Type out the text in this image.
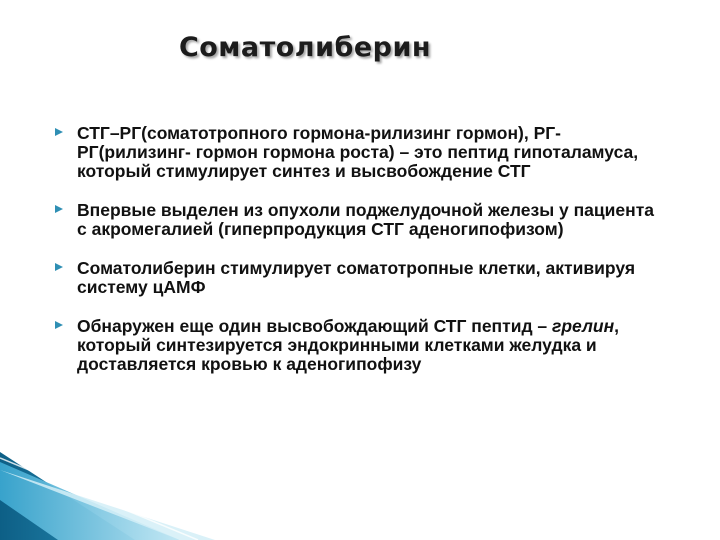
Соматолиберин
СТГ–РГ(соматотропного гормона-рилизинг гормон), РГ-РГ(рилизинг- гормон гормона роста) – это пептид гипоталамуса, который стимулирует синтез и высвобождение СТГ
Впервые выделен из опухоли поджелудочной железы у пациента с акромегалией (гиперпродукция СТГ аденогипофизом)
Соматолиберин стимулирует соматотропные клетки, активируя систему цАМФ
Обнаружен еще один высвобождающий СТГ пептид – грелин, который синтезируется эндокринными клетками желудка и доставляется кровью к аденогипофизу
